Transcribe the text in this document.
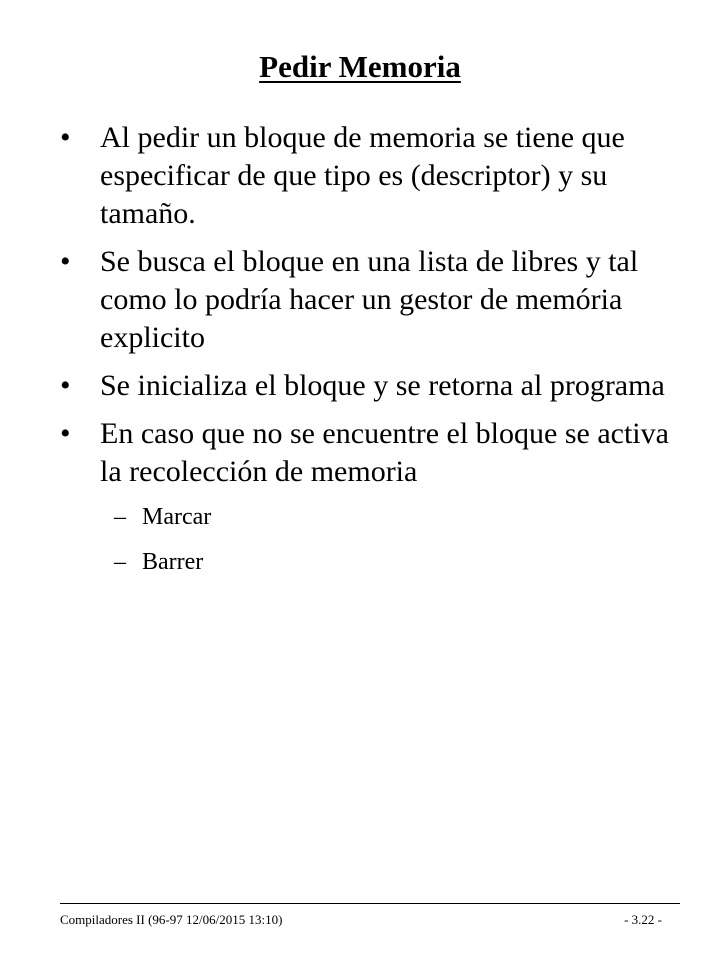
Pedir Memoria
• Al pedir un bloque de memoria se tiene que especificar de que tipo es (descriptor) y su tamaño.
• Se busca el bloque en una lista de libres y tal como lo podría hacer un gestor de memória explicito
• Se inicializa el bloque y se retorna al programa
• En caso que no se encuentre el bloque se activa la recolección de memoria
– Marcar
– Barrer
Compiladores II (96-97 12/06/2015 13:10)	- 3.22 -
